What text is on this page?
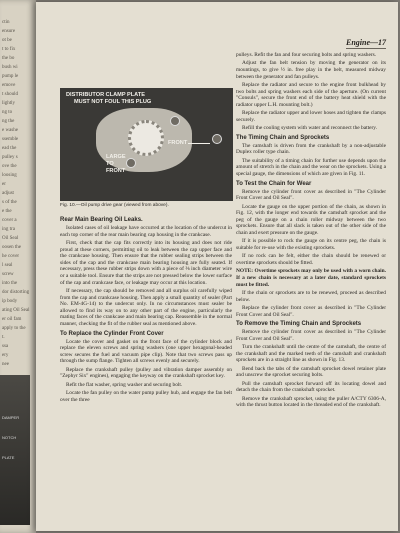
ctin
ensure
ot be
t to fix
the bo
bush wi
pump le
emove
t should
lightly
ng to
ng the
e washe
ssemble
ead the
pulley s
ove the
loosing
er
adjust
s of the
e the
cover a
ing tra
Oil Seal
oosen the
he cover
l seal
screw
into the
dor distorting
ip body
ating Oil Seal
er oil fam
apply to the
t.
ssa
ery
nee
DAMPER
NOTCH
PLATE
Engine—17
DISTRIBUTOR CLAMP PLATE
MUST NOT FOUL THIS PLUG
FRONT
LARGE
TO
FRONT
Fig. 10.—Oil pump drive gear (viewed from above).
Rear Main Bearing Oil Leaks.

Isolated cases of oil leakage have occurred at the location of the undercut in each top corner of the rear main bearing cap housing in the crankcase.

First, check that the cap fits correctly into its housing and does not ride proud at these corners, permitting oil to leak between the cap upper face and the crankcase housing. Then ensure that the rubber sealing strips between the sides of the cap and the crankcase main bearing housing are fully seated. If necessary, press these rubber strips down with a piece of ⅜ inch diameter wire or a suitable tool. Ensure that the strips are not pressed below the lower surface of the cap and crankcase face, or leakage may occur at this location.

If necessary, the cap should be removed and all surplus oil carefully wiped from the cap and crankcase housing. Then apply a small quantity of sealer (Part No. EM-4G-14) to the undercut only. In no circumstances must sealer be allowed to find its way on to any other part of the engine, particularly the mating faces of the crankcase and main bearing cap. Reassemble in the normal manner, checking the fit of the rubber seal as mentioned above.

To Replace the Cylinder Front Cover

Locate the cover and gasket on the front face of the cylinder block and replace the eleven screws and spring washers (one upper hexagonal-headed screw secures the fuel and vacuum pipe clip). Note that two screws pass up through the sump flange. Tighten all screws evenly and securely.

Replace the crankshaft pulley (pulley and vibration damper assembly on "Zephyr Six" engines), engaging the keyway on the crankshaft sprocket key.

Refit the flat washer, spring washer and securing bolt.

Locate the fan pulley on the water pump pulley hub, and engage the fan belt over the three

pulleys. Refit the fan and four securing bolts and spring washers.

Adjust the fan belt tension by moving the generator on its mountings, to give ½ in. free play in the belt, measured midway between the generator and fan pulleys.

Replace the radiator and secure to the engine front bulkhead by two bolts and spring washers each side of the aperture. (On current "Consuls", secure the front end of the battery heat shield with the radiator upper L.H. mounting bolt.)

Replace the radiator upper and lower hoses and tighten the clamps securely.

Refill the cooling system with water and reconnect the battery.

The Timing Chain and Sprockets

The camshaft is driven from the crankshaft by a non-adjustable Duplex roller type chain.

The suitability of a timing chain for further use depends upon the amount of stretch in the chain and the wear on the sprockets. Using a special gauge, the dimensions of which are given in Fig. 11.

To Test the Chain for Wear

Remove the cylinder front cover as described in "The Cylinder Front Cover and Oil Seal".

Locate the gauge on the upper portion of the chain, as shown in Fig. 12, with the longer end towards the camshaft sprocket and the peg of the gauge on a chain roller midway between the two sprockets. Ensure that all slack is taken out of the other side of the chain and exert pressure on the gauge.

If it is possible to rock the gauge on its centre peg, the chain is suitable for re-use with the existing sprockets.

If no rock can be felt, either the chain should be renewed or overtime sprockets should be fitted.

NOTE: Overtime sprockets may only be used with a worn chain. If a new chain is necessary at a later date, standard sprockets must be fitted.

If the chain or sprockets are to be renewed, proceed as described below.

Replace the cylinder front cover as described in "The Cylinder Front Cover and Oil Seal".

To Remove the Timing Chain and Sprockets

Remove the cylinder front cover as described in "The Cylinder Front Cover and Oil Seal".

Turn the crankshaft until the centre of the camshaft, the centre of the crankshaft and the marked teeth of the camshaft and crankshaft sprockets are in a straight line as shown in Fig. 13.

Bend back the tabs of the camshaft sprocket dowel retainer plate and unscrew the sprocket securing bolts.

Pull the camshaft sprocket forward off its locating dowel and detach the chain from the crankshaft sprocket.

Remove the crankshaft sprocket, using the puller A/CTY 6306-A, with the thrust button located in the threaded end of the crankshaft.
